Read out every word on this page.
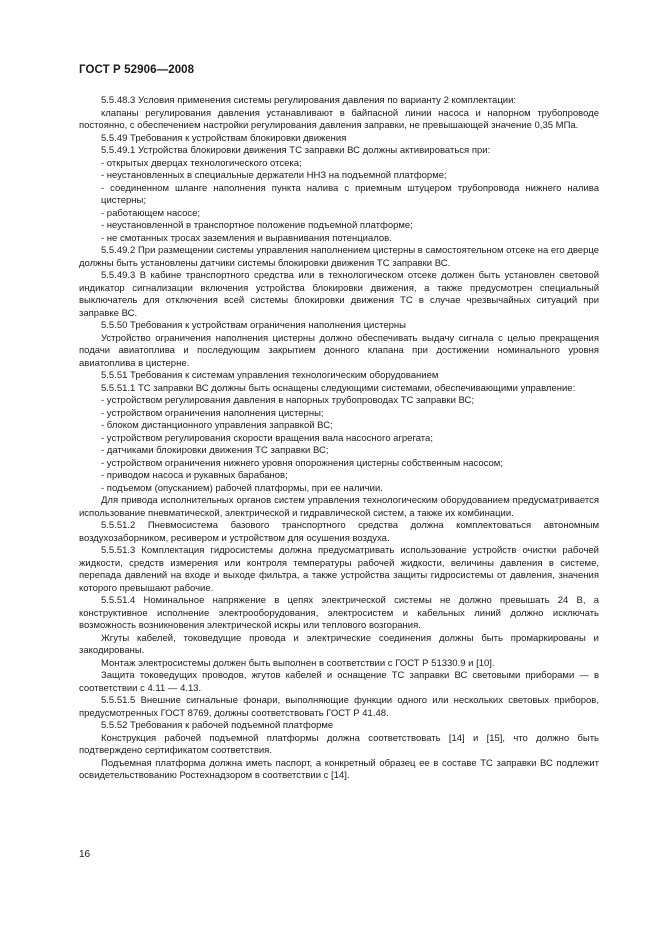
ГОСТ Р 52906—2008

5.5.48.3 Условия применения системы регулирования давления по варианту 2 комплектации:

клапаны регулирования давления устанавливают в байпасной линии насоса и напорном трубопроводе постоянно, с обеспечением настройки регулирования давления заправки, не превышающей значение 0,35 МПа.

5.5.49 Требования к устройствам блокировки движения

5.5.49.1 Устройства блокировки движения ТС заправки ВС должны активироваться при:

- открытых дверцах технологического отсека;

- неустановленных в специальные держатели ННЗ на подъемной платформе;

- соединенном шланге наполнения пункта налива с приемным штуцером трубопровода нижнего налива цистерны;

- работающем насосе;

- неустановленной в транспортное положение подъемной платформе;

- не смотанных тросах заземления и выравнивания потенциалов.

5.5.49.2 При размещении системы управления наполнением цистерны в самостоятельном отсеке на его дверце должны быть установлены датчики системы блокировки движения ТС заправки ВС.

5.5.49.3 В кабине транспортного средства или в технологическом отсеке должен быть установлен световой индикатор сигнализации включения устройства блокировки движения, а также предусмотрен специальный выключатель для отключения всей системы блокировки движения ТС в случае чрезвычайных ситуаций при заправке ВС.

5.5.50 Требования к устройствам ограничения наполнения цистерны

Устройство ограничения наполнения цистерны должно обеспечивать выдачу сигнала с целью прекращения подачи авиатоплива и последующим закрытием донного клапана при достижении номинального уровня авиатоплива в цистерне.

5.5.51 Требования к системам управления технологическим оборудованием

5.5.51.1 ТС заправки ВС должны быть оснащены следующими системами, обеспечивающими управление:

- устройством регулирования давления в напорных трубопроводах ТС заправки ВС;

- устройством ограничения наполнения цистерны;

- блоком дистанционного управления заправкой ВС;

- устройством регулирования скорости вращения вала насосного агрегата;

- датчиками блокировки движения ТС заправки ВС;

- устройством ограничения нижнего уровня опорожнения цистерны собственным насосом;

- приводом насоса и рукавных барабанов;

- подъемом (опусканием) рабочей платформы, при ее наличии.

Для привода исполнительных органов систем управления технологическим оборудованием предусматривается использование пневматической, электрической и гидравлической систем, а также их комбинации.

5.5.51.2 Пневмосистема базового транспортного средства должна комплектоваться автономным воздухозаборником, ресивером и устройством для осушения воздуха.

5.5.51.3 Комплектация гидросистемы должна предусматривать использование устройств очистки рабочей жидкости, средств измерения или контроля температуры рабочей жидкости, величины давления в системе, перепада давлений на входе и выходе фильтра, а также устройства защиты гидросистемы от давления, значения которого превышают рабочие.

5.5.51.4 Номинальное напряжение в цепях электрической системы не должно превышать 24 В, а конструктивное исполнение электрооборудования, электросистем и кабельных линий должно исключать возможность возникновения электрической искры или теплового возгорания.

Жгуты кабелей, токоведущие провода и электрические соединения должны быть промаркированы и закодированы.

Монтаж электросистемы должен быть выполнен в соответствии с ГОСТ Р 51330.9 и [10].

Защита токоведущих проводов, жгутов кабелей и оснащение ТС заправки ВС световыми приборами — в соответствии с 4.11 — 4.13.

5.5.51.5 Внешние сигнальные фонари, выполняющие функции одного или нескольких световых приборов, предусмотренных ГОСТ 8769, должны соответствовать ГОСТ Р 41.48.

5.5.52 Требования к рабочей подъемной платформе

Конструкция рабочей подъемной платформы должна соответствовать [14] и [15], что должно быть подтверждено сертификатом соответствия.

Подъемная платформа должна иметь паспорт, а конкретный образец ее в составе ТС заправки ВС подлежит освидетельствованию Ростехнадзором в соответствии с [14].

16
